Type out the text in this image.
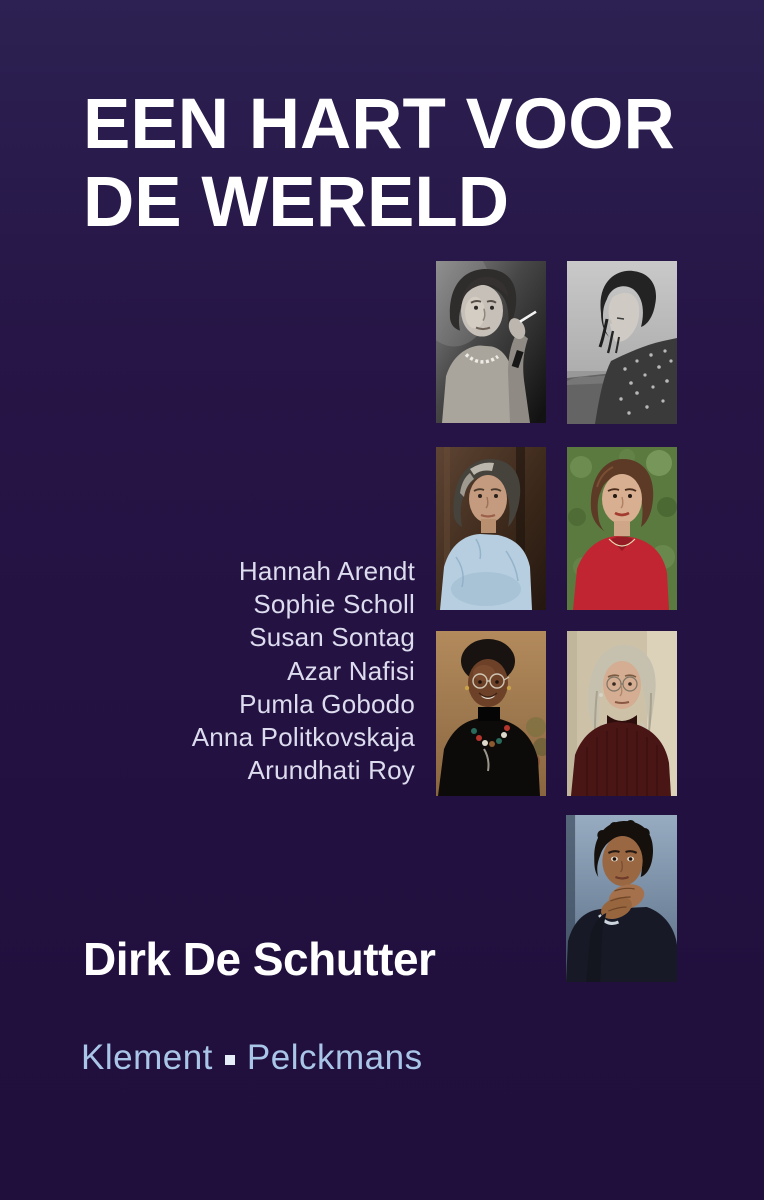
EEN HART VOOR
DE WERELD
Hannah Arendt
Sophie Scholl
Susan Sontag
Azar Nafisi
Pumla Gobodo
Anna Politkovskaja
Arundhati Roy
Dirk De Schutter
Klement Pelckmans
